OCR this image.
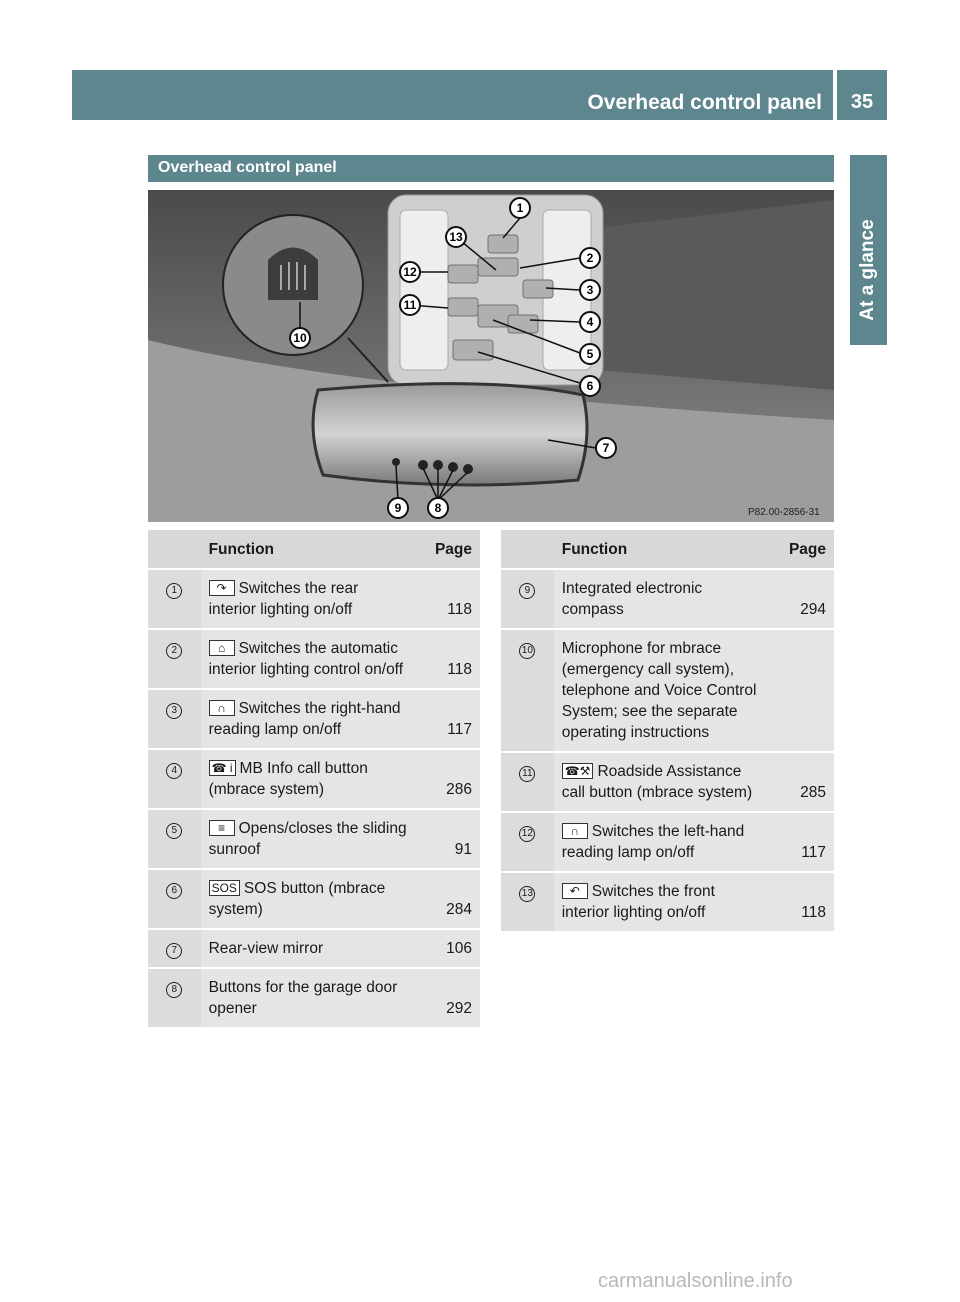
Overhead control panel	35
At a glance
Overhead control panel
1
2
3
4
5
6
7
8
9
10
11
12
13
P82.00-2856-31
	Function	Page
1	↷ Switches the rear interior lighting on/off	118
2	⌂ Switches the automatic interior lighting control on/off	118
3	∩ Switches the right-hand reading lamp on/off	117
4	☎ i MB Info call button (mbrace system)	286
5	≡ Opens/closes the sliding sunroof	91
6	SOS SOS button (mbrace system)	284
7	Rear-view mirror	106
8	Buttons for the garage door opener	292
	Function	Page
9	Integrated electronic compass	294
10	Microphone for mbrace (emergency call system), telephone and Voice Control System; see the separate operating instructions	
11	☎⚒ Roadside Assistance call button (mbrace system)	285
12	∩ Switches the left-hand reading lamp on/off	117
13	↶ Switches the front interior lighting on/off	118
carmanualsonline.info
